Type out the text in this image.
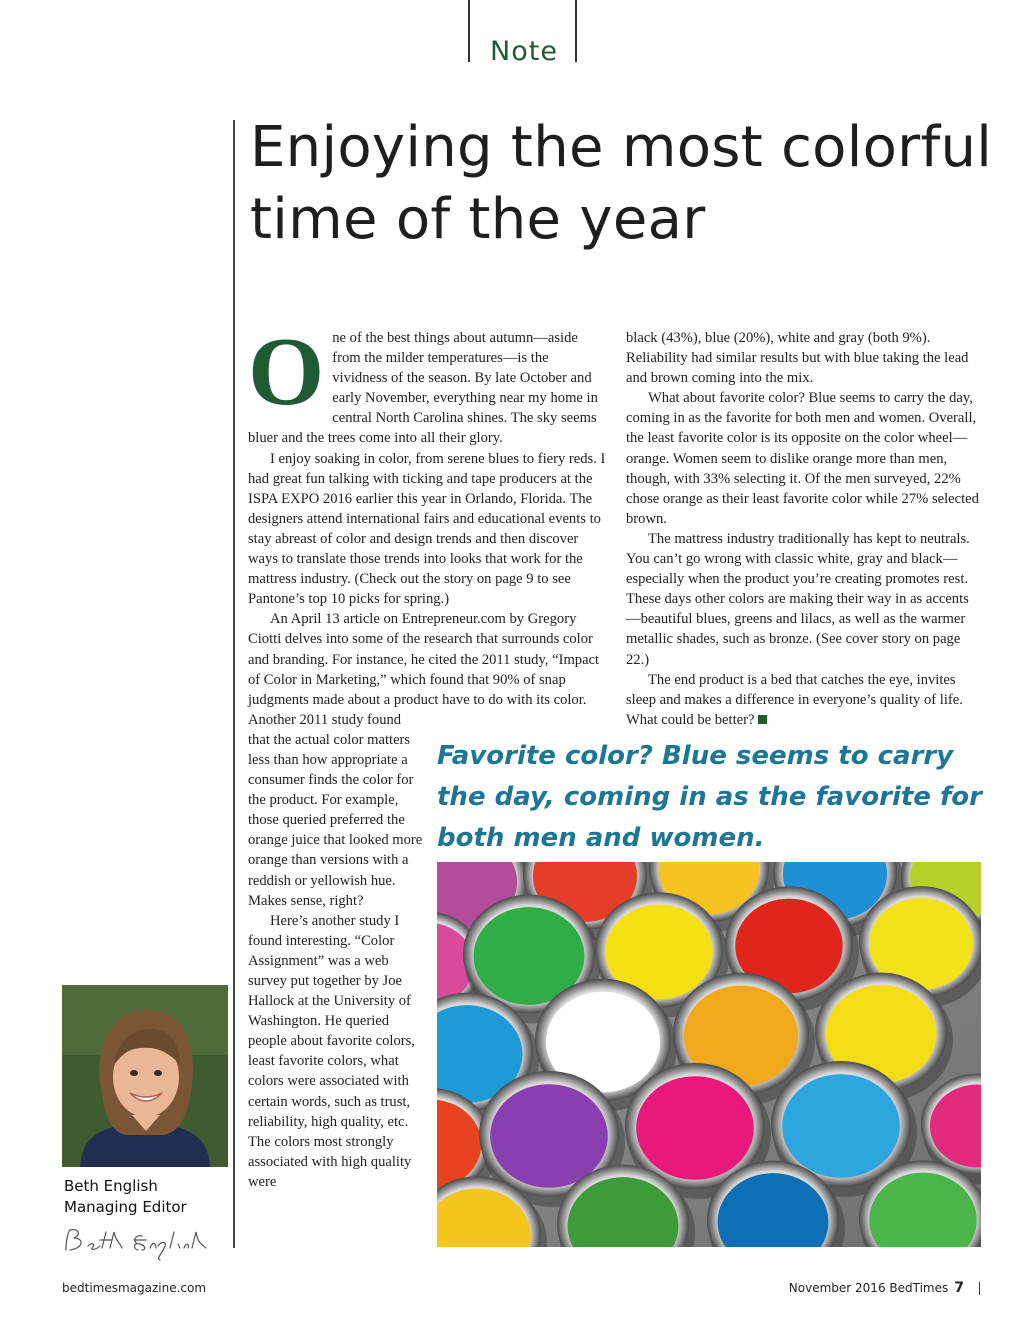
Note
Enjoying the most colorful time of the year
O ne of the best things about autumn—aside from the milder temperatures—is the vividness of the season. By late October and early November, everything near my home in central North Carolina shines. The sky seems bluer and the trees come into all their glory.

I enjoy soaking in color, from serene blues to fiery reds. I had great fun talking with ticking and tape producers at the ISPA EXPO 2016 earlier this year in Orlando, Florida. The designers attend international fairs and educational events to stay abreast of color and design trends and then discover ways to translate those trends into looks that work for the mattress industry. (Check out the story on page 9 to see Pantone’s top 10 picks for spring.)

An April 13 article on Entrepreneur.com by Gregory Ciotti delves into some of the research that surrounds color and branding. For instance, he cited the 2011 study, “Impact of Color in Marketing,” which found that 90% of snap judgments made about a product have to do with its color.

Another 2011 study found that the actual color matters less than how appropriate a consumer finds the color for the product. For example, those queried preferred the orange juice that looked more orange than versions with a reddish or yellowish hue. Makes sense, right?

Here’s another study I found interesting. “Color Assignment” was a web survey put together by Joe Hallock at the University of Washington. He queried people about favorite colors, least favorite colors, what colors were associated with certain words, such as trust, reliability, high quality, etc. The colors most strongly associated with high quality were

black (43%), blue (20%), white and gray (both 9%). Reliability had similar results but with blue taking the lead and brown coming into the mix.

What about favorite color? Blue seems to carry the day, coming in as the favorite for both men and women. Overall, the least favorite color is its opposite on the color wheel—orange. Women seem to dislike orange more than men, though, with 33% selecting it. Of the men surveyed, 22% chose orange as their least favorite color while 27% selected brown.

The mattress industry traditionally has kept to neutrals. You can’t go wrong with classic white, gray and black—especially when the product you’re creating promotes rest. These days other colors are making their way in as accents—beautiful blues, greens and lilacs, as well as the warmer metallic shades, such as bronze. (See cover story on page 22.)

The end product is a bed that catches the eye, invites sleep and makes a difference in everyone’s quality of life. What could be better?

Favorite color? Blue seems to carry the day, coming in as the favorite for both men and women.

Beth English
Managing Editor
bedtimesmagazine.com	November 2016 BedTimes 7
